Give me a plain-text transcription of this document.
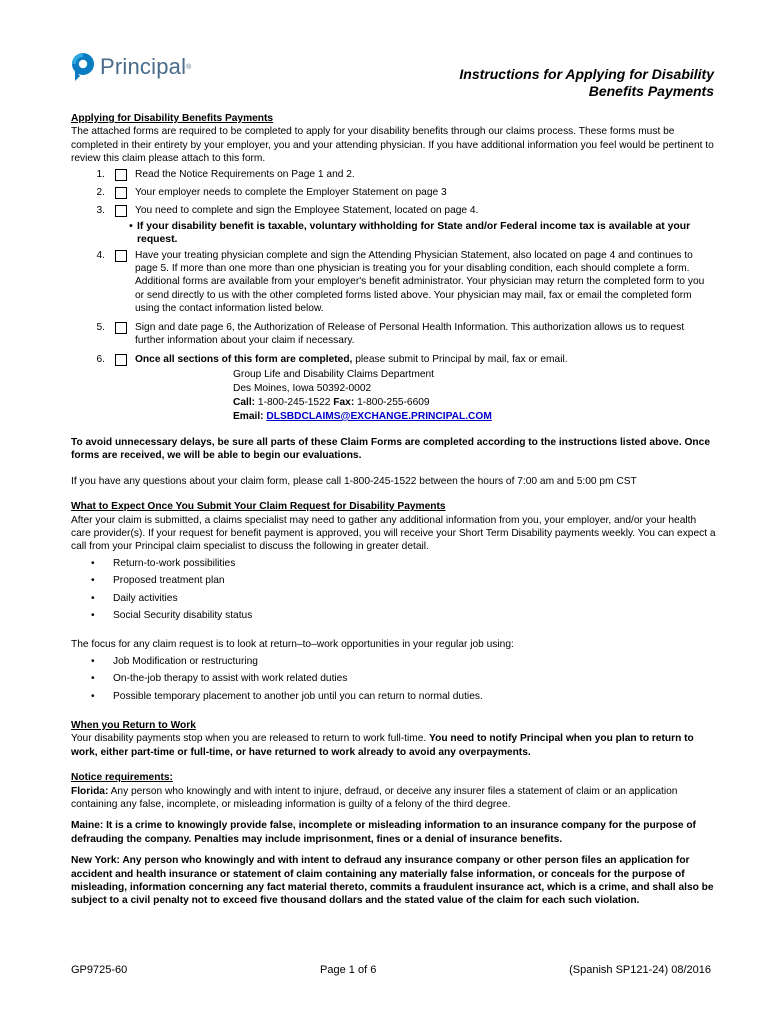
Principal ®	Instructions for Applying for Disability
Benefits Payments

Applying for Disability Benefits Payments

The attached forms are required to be completed to apply for your disability benefits through our claims process. These forms must be completed in their entirety by your employer, you and your attending physician. If you have additional information you feel would be pertinent to review this claim please attach to this form.

1.	Read the Notice Requirements on Page 1 and 2.
2.	Your employer needs to complete the Employer Statement on page 3
3.	You need to complete and sign the Employee Statement, located on page 4.
• If your disability benefit is taxable, voluntary withholding for State and/or Federal income tax is available at your request.
4.	Have your treating physician complete and sign the Attending Physician Statement, also located on page 4 and continues to page 5. If more than one more than one physician is treating you for your disabling condition, each should complete a form. Additional forms are available from your employer's benefit administrator. Your physician may return the completed form to you or send directly to us with the other completed forms listed above. Your physician may mail, fax or email the completed form using the contact information listed below.
5.	Sign and date page 6, the Authorization of Release of Personal Health Information. This authorization allows us to request further information about your claim if necessary.
6.	Once all sections of this form are completed, please submit to Principal by mail, fax or email.
Group Life and Disability Claims Department
Des Moines, Iowa 50392-0002
Call: 1-800-245-1522 Fax: 1-800-255-6609
Email: DLSBDCLAIMS@EXCHANGE.PRINCIPAL.COM

To avoid unnecessary delays, be sure all parts of these Claim Forms are completed according to the instructions listed above. Once forms are received, we will be able to begin our evaluations.

If you have any questions about your claim form, please call 1-800-245-1522 between the hours of 7:00 am and 5:00 pm CST

What to Expect Once You Submit Your Claim Request for Disability Payments

After your claim is submitted, a claims specialist may need to gather any additional information from you, your employer, and/or your health care provider(s). If your request for benefit payment is approved, you will receive your Short Term Disability payments weekly. You can expect a call from your Principal claim specialist to discuss the following in greater detail.

•	Return-to-work possibilities
•	Proposed treatment plan
•	Daily activities
•	Social Security disability status

The focus for any claim request is to look at return–to–work opportunities in your regular job using:

•	Job Modification or restructuring
•	On-the-job therapy to assist with work related duties
•	Possible temporary placement to another job until you can return to normal duties.

When you Return to Work

Your disability payments stop when you are released to return to work full-time. You need to notify Principal when you plan to return to work, either part-time or full-time, or have returned to work already to avoid any overpayments.

Notice requirements:

Florida: Any person who knowingly and with intent to injure, defraud, or deceive any insurer files a statement of claim or an application containing any false, incomplete, or misleading information is guilty of a felony of the third degree.

Maine: It is a crime to knowingly provide false, incomplete or misleading information to an insurance company for the purpose of defrauding the company. Penalties may include imprisonment, fines or a denial of insurance benefits.

New York: Any person who knowingly and with intent to defraud any insurance company or other person files an application for accident and health insurance or statement of claim containing any materially false information, or conceals for the purpose of misleading, information concerning any fact material thereto, commits a fraudulent insurance act, which is a crime, and shall also be subject to a civil penalty not to exceed five thousand dollars and the stated value of the claim for each such violation.

GP9725-60	Page 1 of 6	(Spanish SP121-24) 08/2016
